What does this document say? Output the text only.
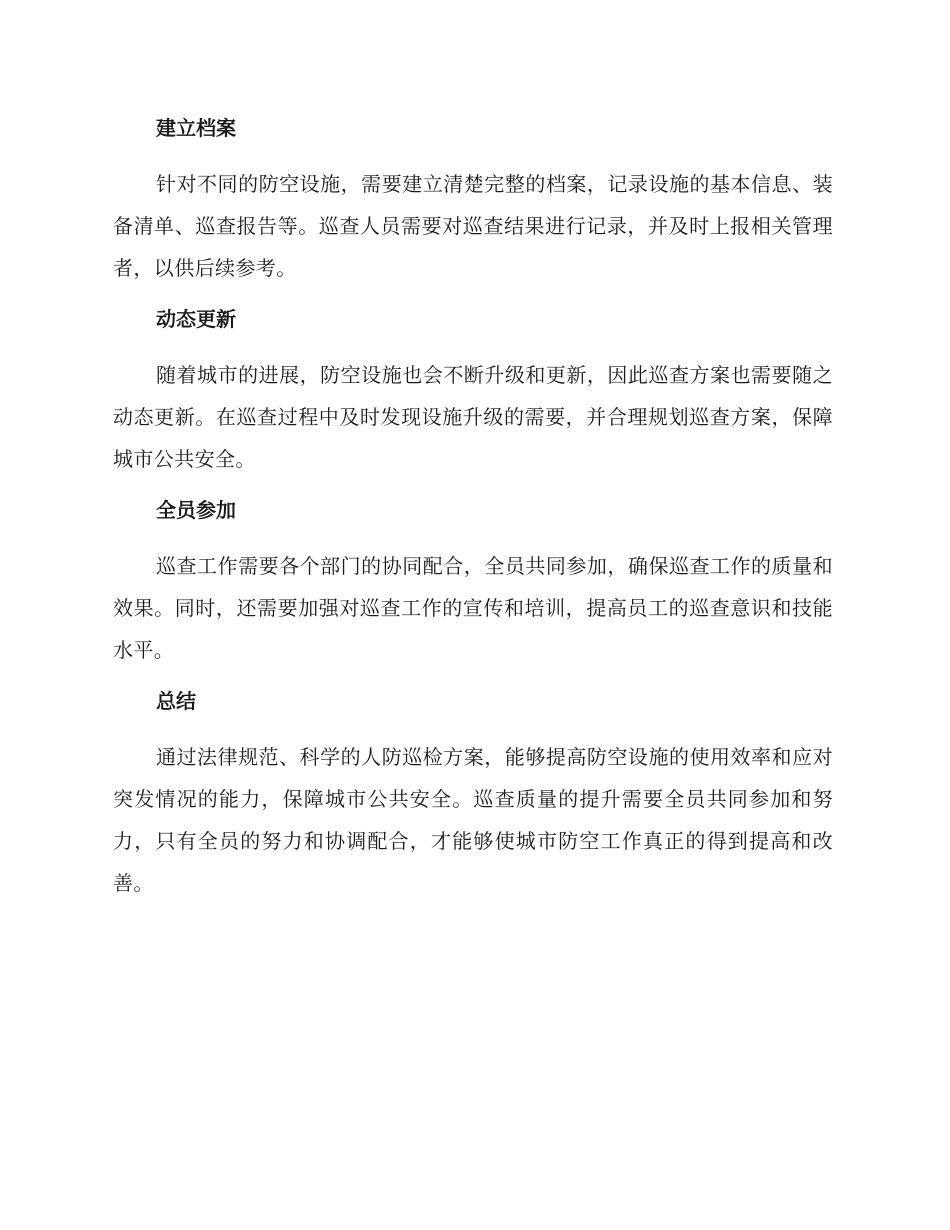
建立档案

针对不同的防空设施，需要建立清楚完整的档案，记录设施的基本信息、装备清单、巡查报告等。巡查人员需要对巡查结果进行记录，并及时上报相关管理者，以供后续参考。

动态更新

随着城市的进展，防空设施也会不断升级和更新，因此巡查方案也需要随之动态更新。在巡查过程中及时发现设施升级的需要，并合理规划巡查方案，保障城市公共安全。

全员参加

巡查工作需要各个部门的协同配合，全员共同参加，确保巡查工作的质量和效果。同时，还需要加强对巡查工作的宣传和培训，提高员工的巡查意识和技能水平。

总结

通过法律规范、科学的人防巡检方案，能够提高防空设施的使用效率和应对突发情况的能力，保障城市公共安全。巡查质量的提升需要全员共同参加和努力，只有全员的努力和协调配合，才能够使城市防空工作真正的得到提高和改善。
